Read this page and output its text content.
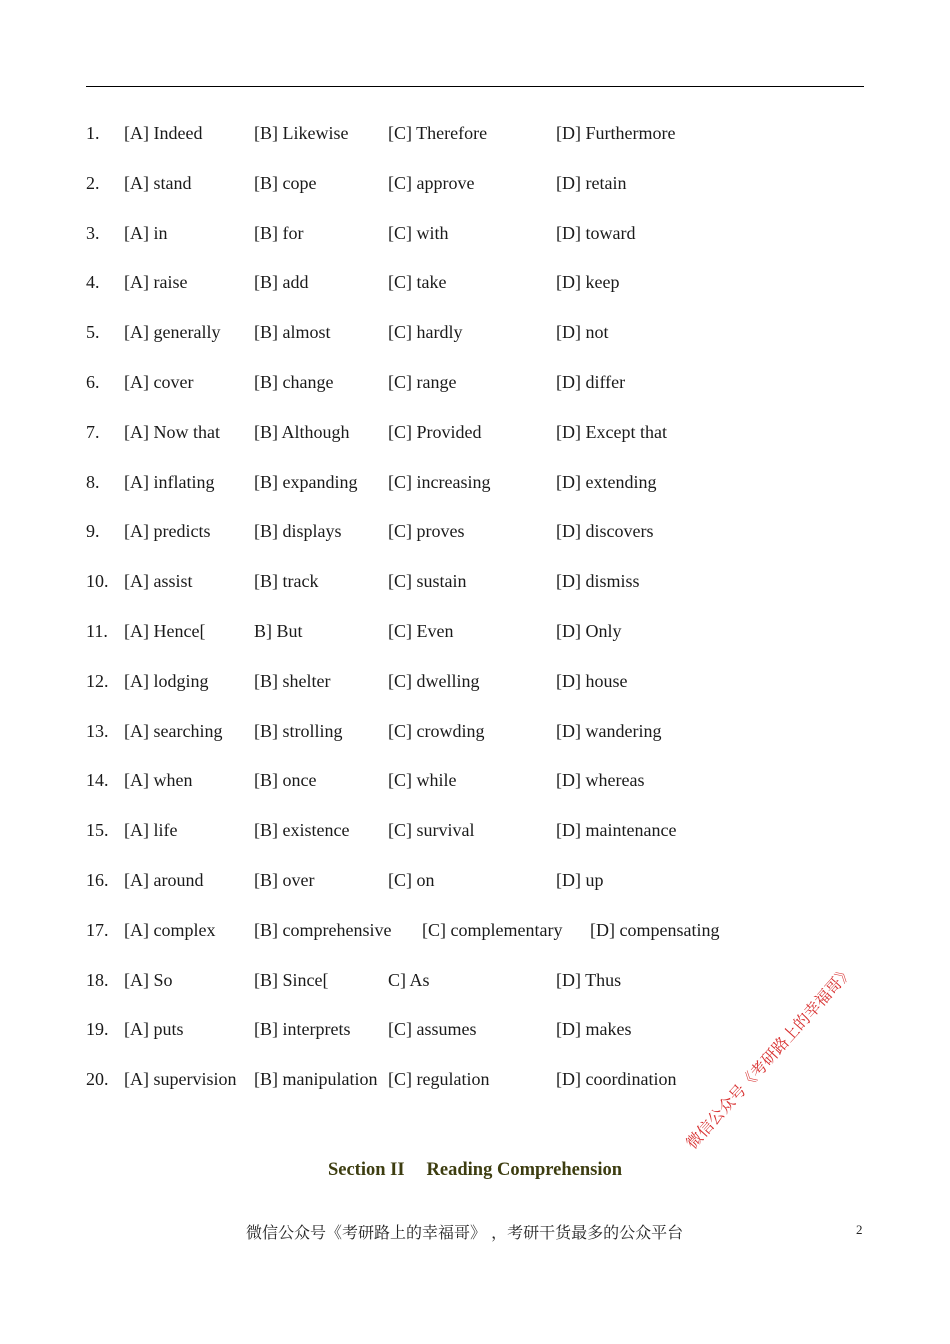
1. [A] Indeed	[B] Likewise [C] Therefore	[D] Furthermore
2. [A] stand	[B] cope	[C] approve	[D] retain
3. [A] in	[B] for	[C] with	[D] toward
4. [A] raise	[B] add	[C] take	[D] keep
5. [A] generally [B] almost	[C] hardly	[D] not
6. [A] cover	[B] change	[C] range	[D] differ
7. [A] Now that [B] Although [C] Provided	[D] Except that
8. [A] inflating [B] expanding [C] increasing	[D] extending
9. [A] predicts [B] displays	[C] proves	[D] discovers
10. [A] assist	[B] track	[C] sustain	[D] dismiss
11. [A] Hence[	B] But	[C] Even	[D] Only
12. [A] lodging	[B] shelter	[C] dwelling	[D] house
13. [A] searching [B] strolling	[C] crowding	[D] wandering
14. [A] when	[B] once	[C] while	[D] whereas
15. [A] life	[B] existence [C] survival	[D] maintenance
16. [A] around	[B] over	[C] on	[D] up
17. [A] complex [B] comprehensive [C] complementary [D] compensating
18. [A] So	[B] Since[	C] As	[D] Thus
19. [A] puts	[B] interprets [C] assumes	[D] makes
20. [A] supervision [B] manipulation [C] regulation	[D] coordination
Section II Reading Comprehension
微信公众号《考研路上的幸福哥》 ，考研干货最多的公众平台	2
微信公众号《考研路上的幸福哥》
